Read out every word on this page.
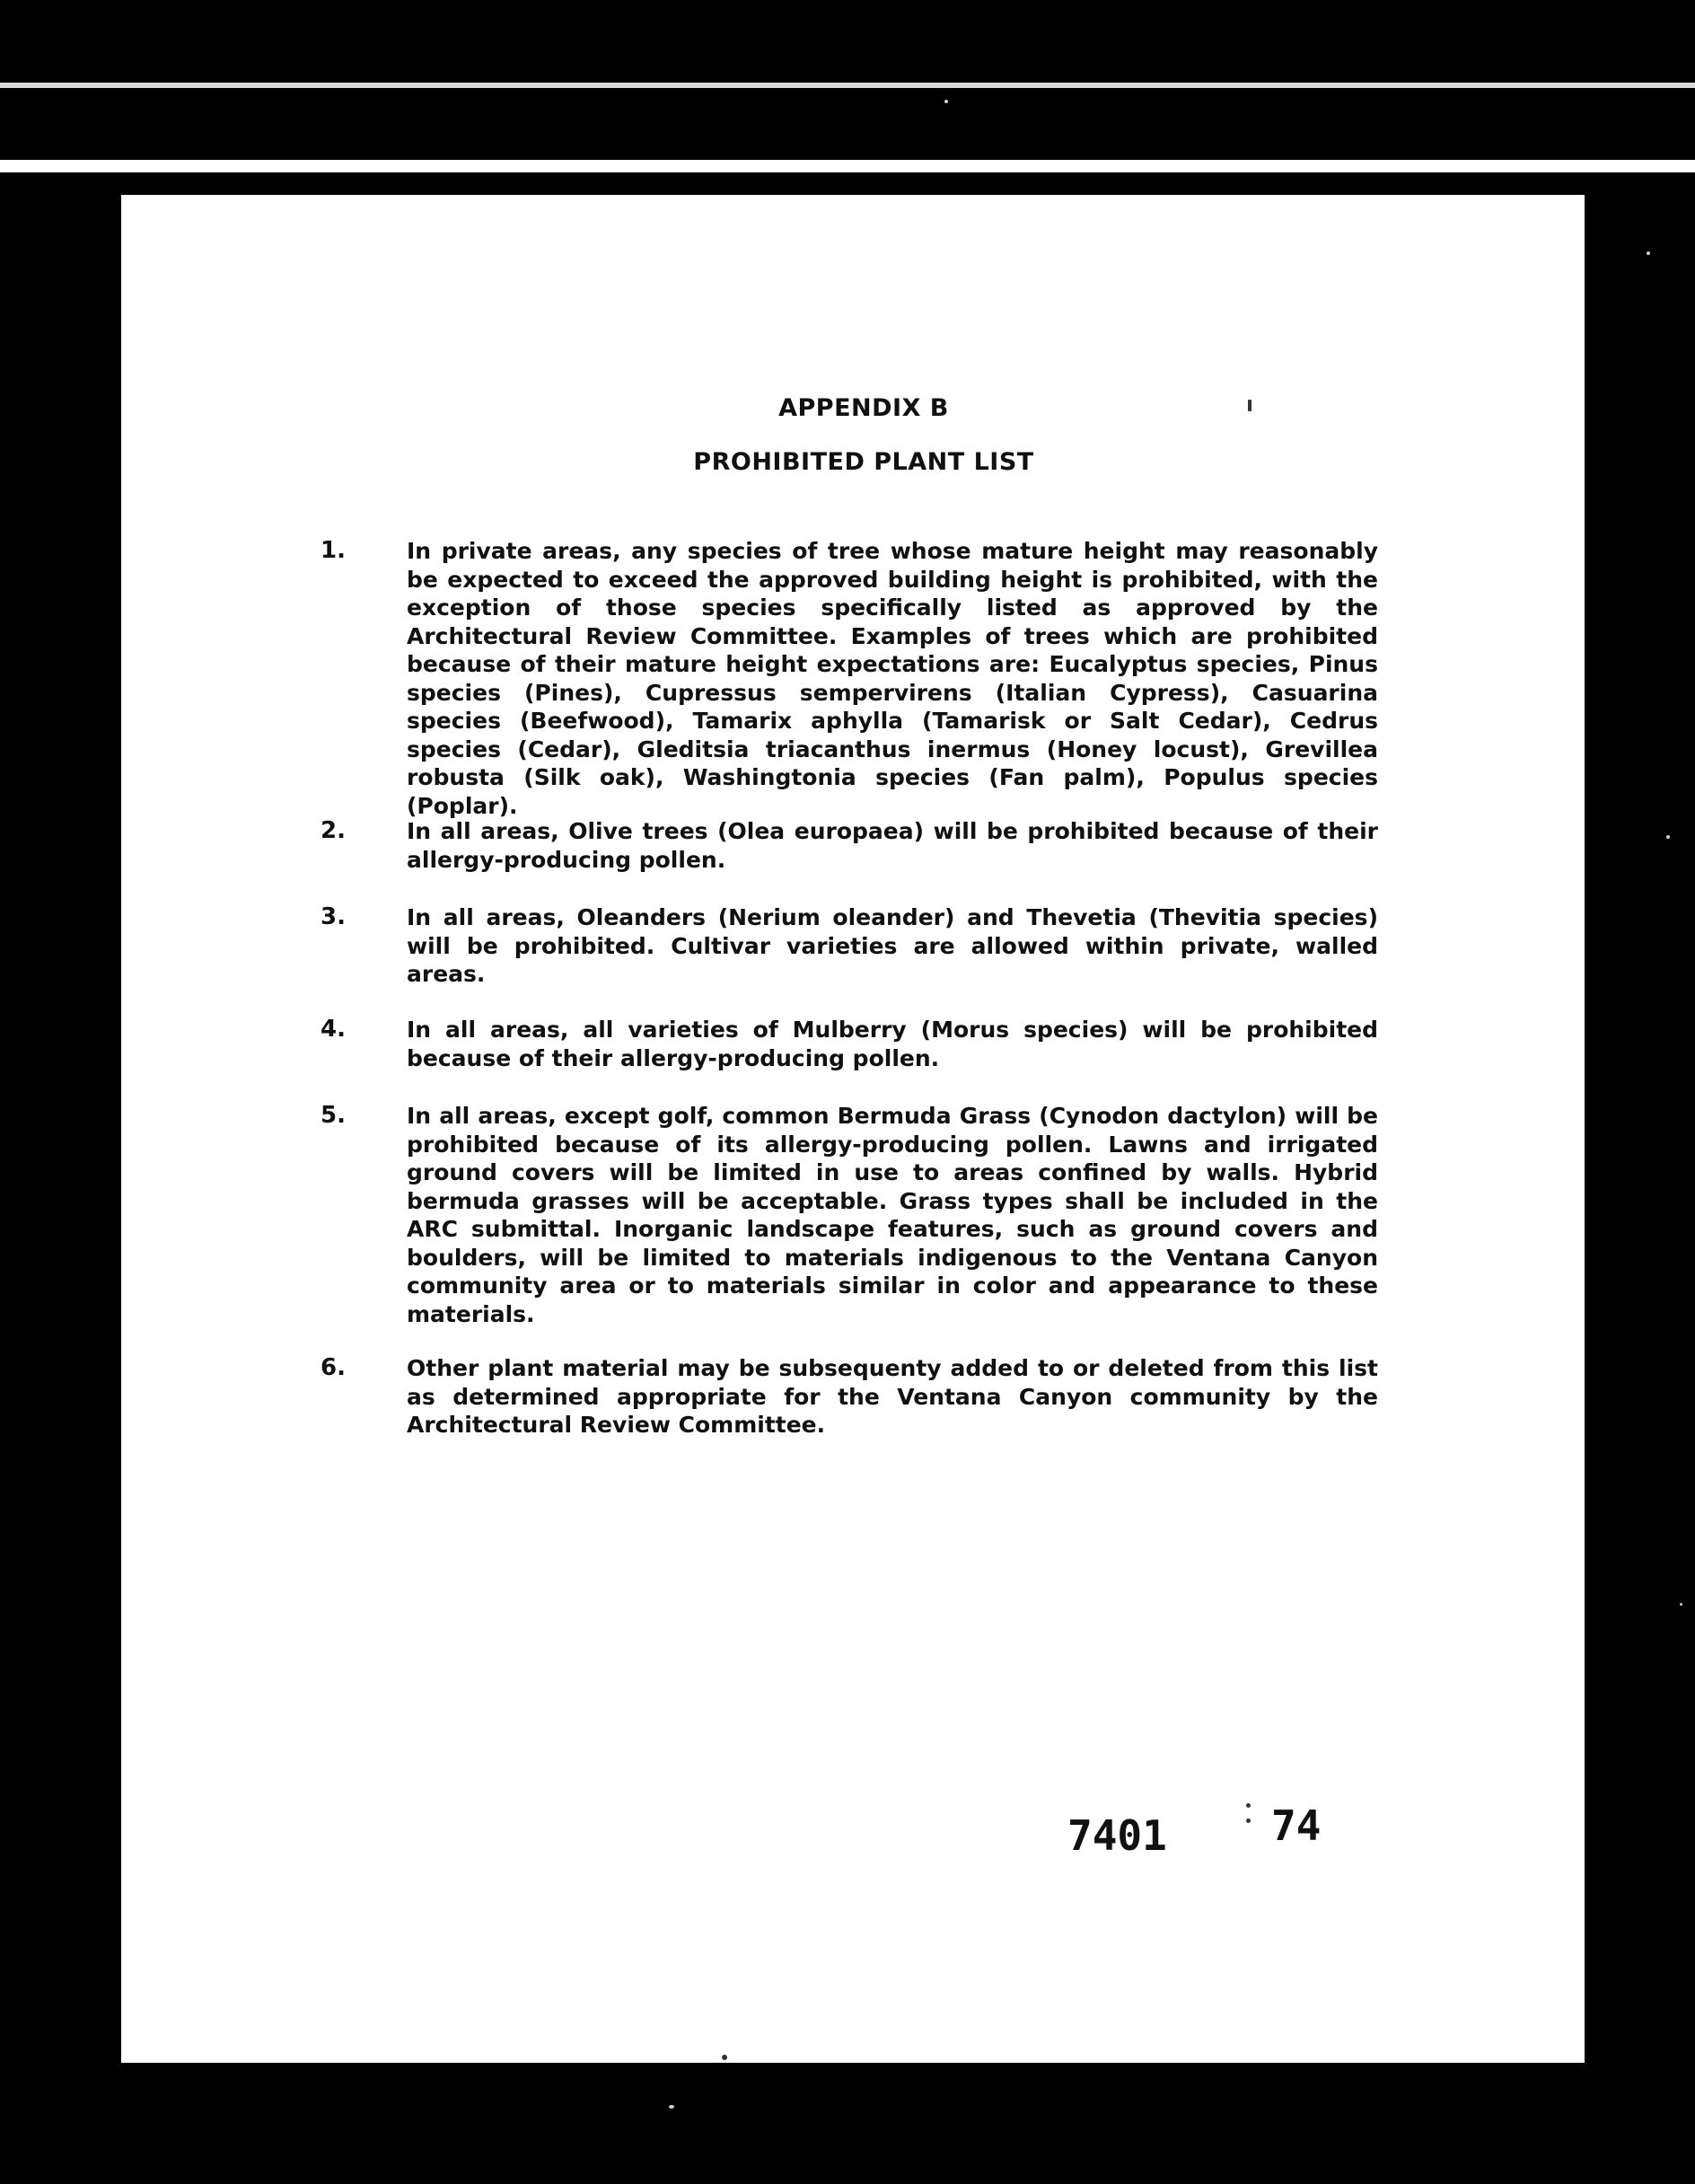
APPENDIX B
PROHIBITED PLANT LIST
1.	In private areas, any species of tree whose mature height may reasonably be expected to exceed the approved building height is prohibited, with the exception of those species specifically listed as approved by the Architectural Review Committee. Examples of trees which are prohibited because of their mature height expectations are: Eucalyptus species, Pinus species (Pines), Cupressus sempervirens (Italian Cypress), Casuarina species (Beefwood), Tamarix aphylla (Tamarisk or Salt Cedar), Cedrus species (Cedar), Gleditsia triacanthus inermus (Honey locust), Grevillea robusta (Silk oak), Washingtonia species (Fan palm), Populus species (Poplar).
2.	In all areas, Olive trees (Olea europaea) will be prohibited because of their allergy-producing pollen.
3.	In all areas, Oleanders (Nerium oleander) and Thevetia (Thevitia species) will be prohibited. Cultivar varieties are allowed within private, walled areas.
4.	In all areas, all varieties of Mulberry (Morus species) will be prohibited because of their allergy-producing pollen.
5.	In all areas, except golf, common Bermuda Grass (Cynodon dactylon) will be prohibited because of its allergy-producing pollen. Lawns and irrigated ground covers will be limited in use to areas confined by walls. Hybrid bermuda grasses will be acceptable. Grass types shall be included in the ARC submittal. Inorganic landscape features, such as ground covers and boulders, will be limited to materials indigenous to the Ventana Canyon community area or to materials similar in color and appearance to these materials.
6.	Other plant material may be subsequenty added to or deleted from this list as determined appropriate for the Ventana Canyon community by the Architectural Review Committee.
7401	74
